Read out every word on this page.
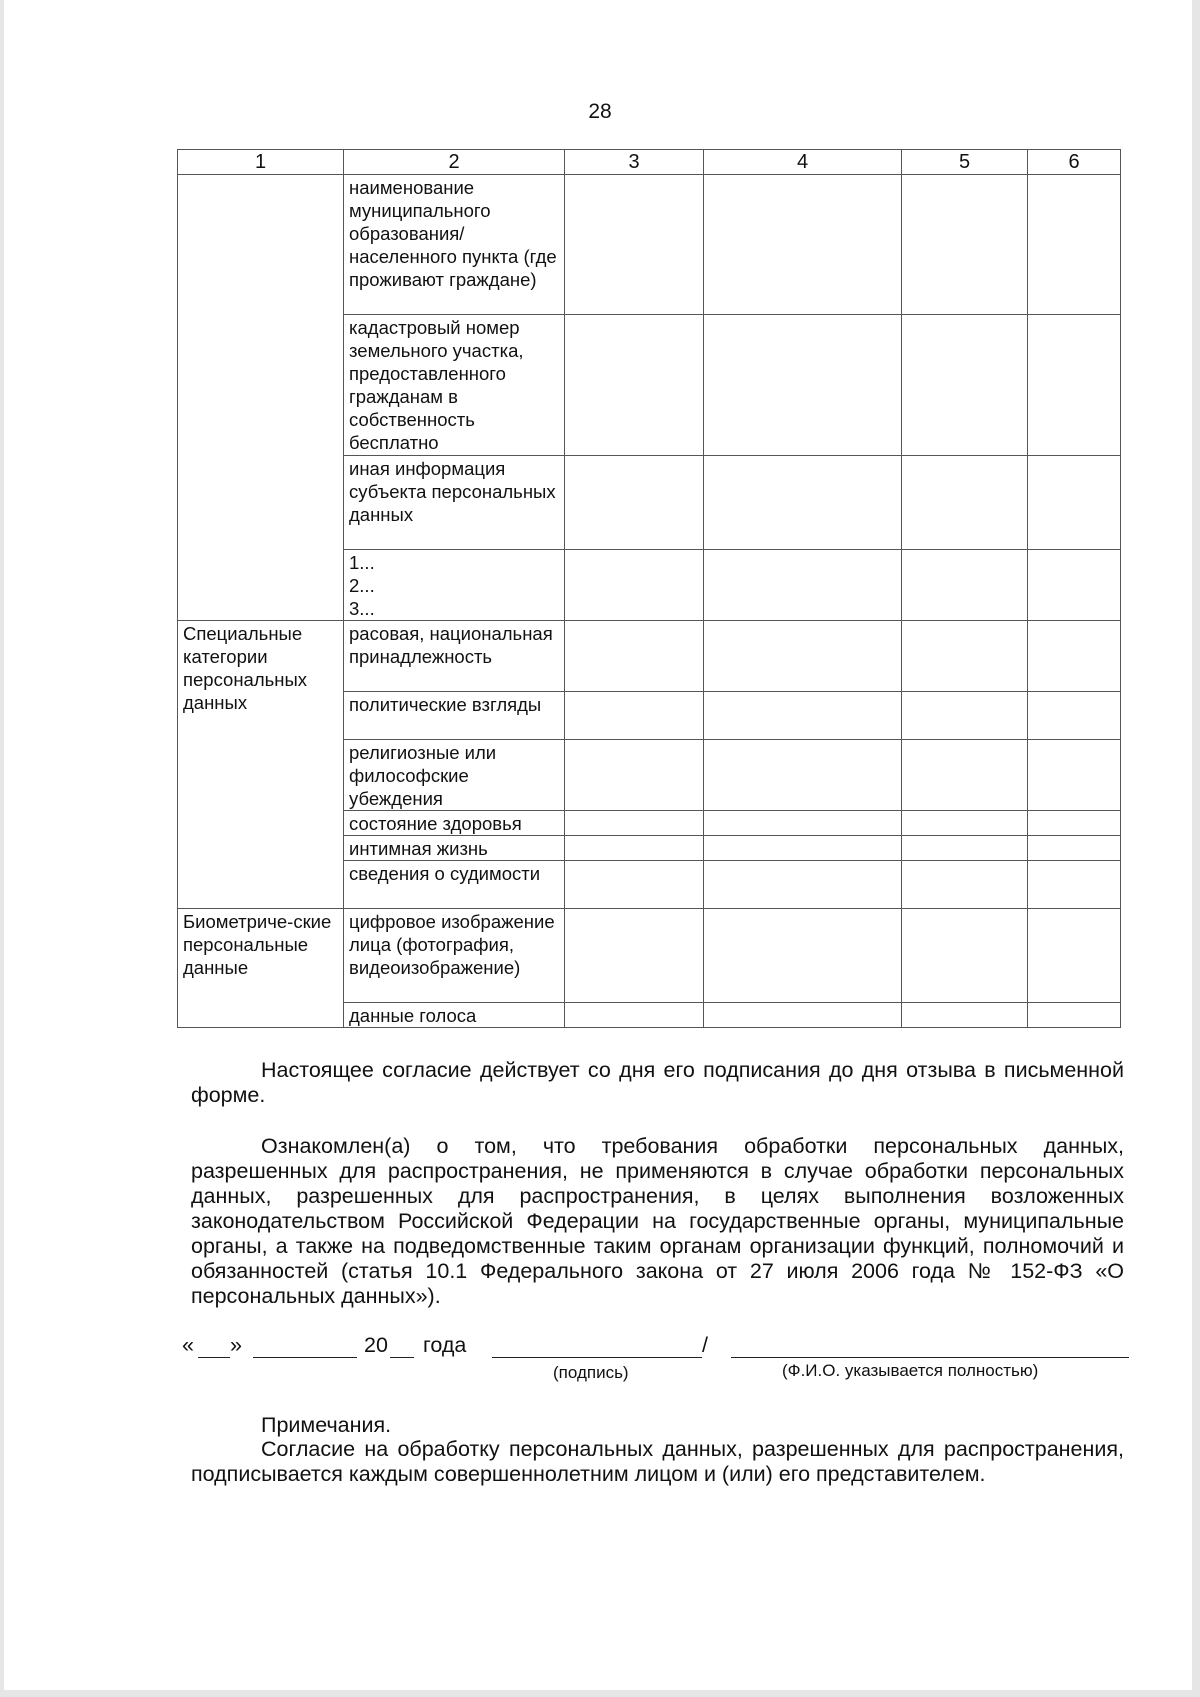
28
1	2	3	4	5	6
	наименование муниципального образования/ населенного пункта (где проживают граждане)				
	кадастровый номер земельного участка, предоставленного гражданам в собственность бесплатно				
	иная информация субъекта персональных данных				
	1...
2...
3...				
Специальные категории персональных данных	расовая, национальная принадлежность				
	политические взгляды				
	религиозные или философские убеждения				
	состояние здоровья				
	интимная жизнь				
	сведения о судимости				
Биометриче-ские персональные данные	цифровое изображение лица (фотография, видеоизображение)				
	данные голоса				

Настоящее согласие действует со дня его подписания до дня отзыва в письменной форме.

Ознакомлен(а) о том, что требования обработки персональных данных, разрешенных для распространения, не применяются в случае обработки персональных данных, разрешенных для распространения, в целях выполнения возложенных законодательством Российской Федерации на государственные органы, муниципальные органы, а также на подведомственные таким органам организации функций, полномочий и обязанностей (статья 10.1 Федерального закона от 27 июля 2006 года № 152-ФЗ «О персональных данных»).

« »	20 года	/
(подпись)	(Ф.И.О. указывается полностью)

Примечания.

Согласие на обработку персональных данных, разрешенных для распространения, подписывается каждым совершеннолетним лицом и (или) его представителем.
